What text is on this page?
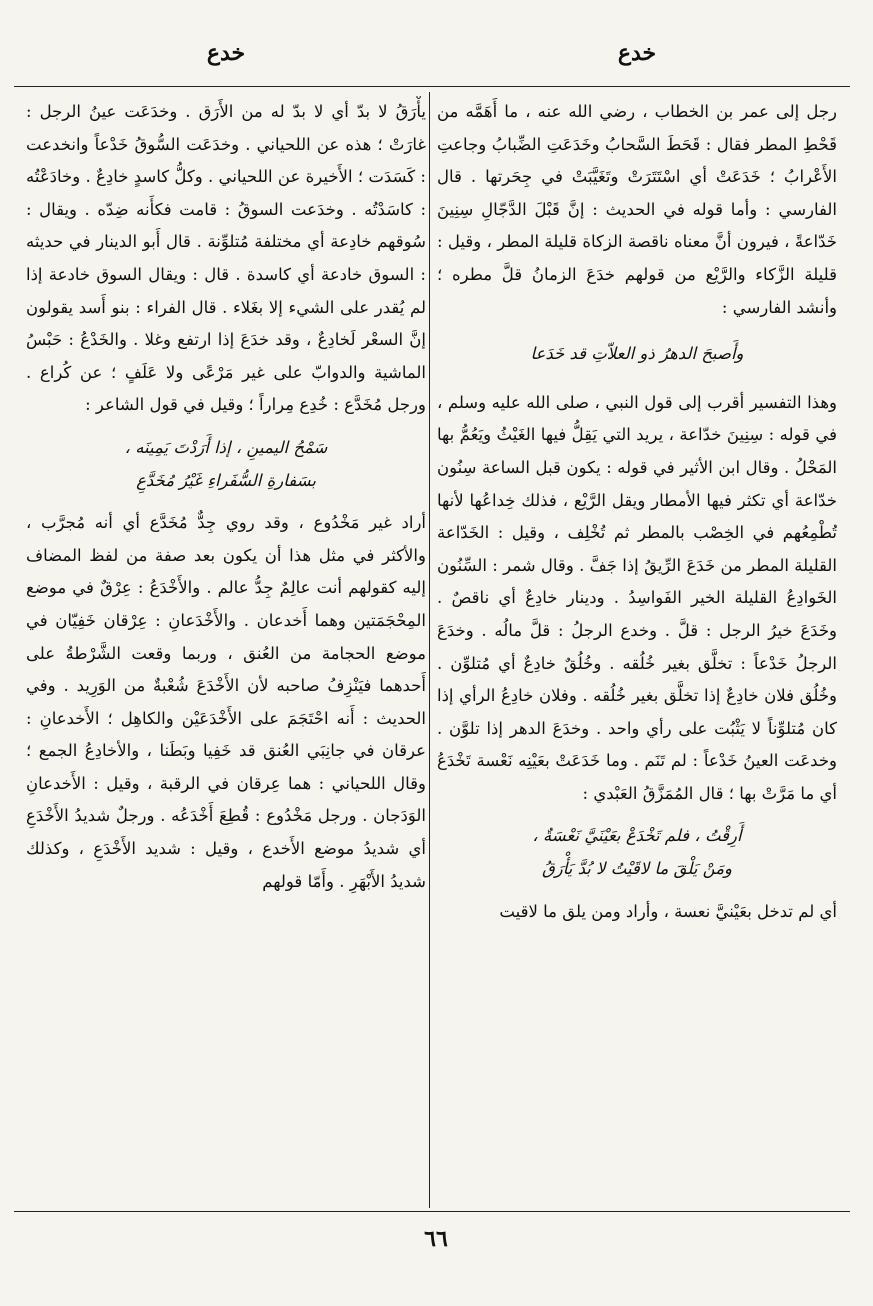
خدع
خدع

رجل إلى عمر بن الخطاب ، رضي الله عنه ، ما أَهَمَّه من قَحْطِ المطر فقال : قَحَطَ السَّحابُ وخَدَعَتِ الضِّبابُ وجاعتِ الأَعْرابُ ؛ خَدَعَتْ أي اسْتَتَرَتْ وتَغَيَّبَتْ في جِحَرتها . قال الفارسي : وأما قوله في الحديث : إنَّ قَبْلَ الدَّجّالِ سِنِينَ خَدّاعةً ، فيرون أنَّ معناه ناقصة الزكاة قليلة المطر ، وقيل : قليلة الزَّكاء والرَّيْع من قولهم خدَعَ الزمانُ قلَّ مطره ؛ وأنشد الفارسي :

وأَصبحَ الدهرُ ذو العلاّتِ قد خَدَعا

وهذا التفسير أقرب إلى قول النبي ، صلى الله عليه وسلم ، في قوله : سِنِينَ خدّاعة ، يريد التي يَقِلُّ فيها الغَيْثُ ويَعُمُّ بها المَحْلُ . وقال ابن الأثير في قوله : يكون قبل الساعة سِنُون خدّاعة أي تكثر فيها الأمطار ويقل الرَّيْع ، فذلك خِداعُها لأنها تُطْمِعُهم في الخِصْب بالمطر ثم تُخْلِف ، وقيل : الخَدّاعة القليلة المطر من خَدَعَ الرِّيقُ إذا جَفَّ . وقال شمر : السِّنُون الخَوادِعُ القليلة الخير الفَواسِدُ . ودينار خادِعٌ أي ناقصٌ . وخَدَعَ خيرُ الرجل : قلَّ . وخدع الرجلُ : قلَّ مالُه . وخدَعَ الرجلُ خَدْعاً : تخلَّق بغير خُلُقه . وخُلُقٌ خادِعٌ أي مُتلوِّن . وخُلُق فلان خادِعٌ إذا تخلَّق بغير خُلُقه . وفلان خادِعُ الرأي إذا كان مُتلوِّناً لا يَثْبُت على رأي واحد . وخدَعَ الدهر إذا تلوَّن . وخدعَت العينُ خَدْعاً : لم تَنَم . وما خَدَعَتْ بعَيْنِه نَعْسة تَخْدَعُ أي ما مَرَّتْ بها ؛ قال المُمَزَّقُ العَبْدي :

أَرِقْتُ ، فلم تَخْدَعْ بعَيْنَيَّ نَعْسَةٌ ،
ومَنْ يَلْقَ ما لاقَيْتُ لا بُدَّ يَأْرَقُ

أي لم تدخل بعَيْنيَّ نعسة ، وأراد ومن يلق ما لاقيت

يأْرَقُ لا بدّ أي لا بدّ له من الأَرَق . وخدَعَت عينُ الرجل : غارَتْ ؛ هذه عن اللحياني . وخدَعَت السُّوقُ خَدْعاً وانخدعت : كَسَدَت ؛ الأَخيرة عن اللحياني . وكلُّ كاسدٍ خادِعٌ . وخادَعْتُه : كاسَدْتُه . وخدَعت السوقُ : قامت فكأَنه ضِدّه . ويقال : سُوقهم خادِعة أي مختلفة مُتلوِّنة . قال أَبو الدينار في حديثه : السوق خادعة أي كاسدة . قال : ويقال السوق خادعة إذا لم يُقدر على الشيء إلا بغَلاء . قال الفراء : بنو أَسد يقولون إنَّ السعْر لَخادِعٌ ، وقد خدَعَ إذا ارتفع وغلا . والخَدْعُ : حَبْسُ الماشية والدوابّ على غير مَرْعًى ولا عَلَفٍ ؛ عن كُراع . ورجل مُخَدَّع : خُدِع مِراراً ؛ وقيل في قول الشاعر :

سَمْحُ اليمينِ ، إذا أَرَدْتَ يَمِينَه ،
بسَفارةِ السُّفَراءِ غَيْرُ مُخَدَّعِ

أراد غير مَخْدُوع ، وقد روي جِدٌّ مُخَدَّع أي أنه مُجرَّب ، والأكثر في مثل هذا أن يكون بعد صفة من لفظ المضاف إليه كقولهم أنت عالِمٌ جِدُّ عالم . والأَخْدَعُ : عِرْقٌ في موضع المِحْجَمَتين وهما أَخدعان . والأَخْدَعانِ : عِرْقان خَفِيّان في موضع الحجامة من العُنق ، وربما وقعت الشَّرْطةُ على أَحدهما فيَنْزِفُ صاحبه لأن الأَخْدَعَ شُعْبةٌ من الوَرِيد . وفي الحديث : أَنه احْتَجَمَ على الأَخْدَعَيْن والكاهِل ؛ الأَخدعانِ : عرقان في جانِبَي العُنق قد خَفِيا وبَطَنا ، والأخادِعُ الجمع ؛ وقال اللحياني : هما عِرقان في الرقبة ، وقيل : الأَخدعانِ الوَدَجان . ورجل مَخْدُوع : قُطِعَ أَخْدَعُه . ورجلٌ شديدُ الأَخْدَعِ أي شديدُ موضع الأَخدع ، وقيل : شديد الأَخْدَعِ ، وكذلك شديدُ الأَبْهَرِ . وأَمّا قولهم

٦٦
